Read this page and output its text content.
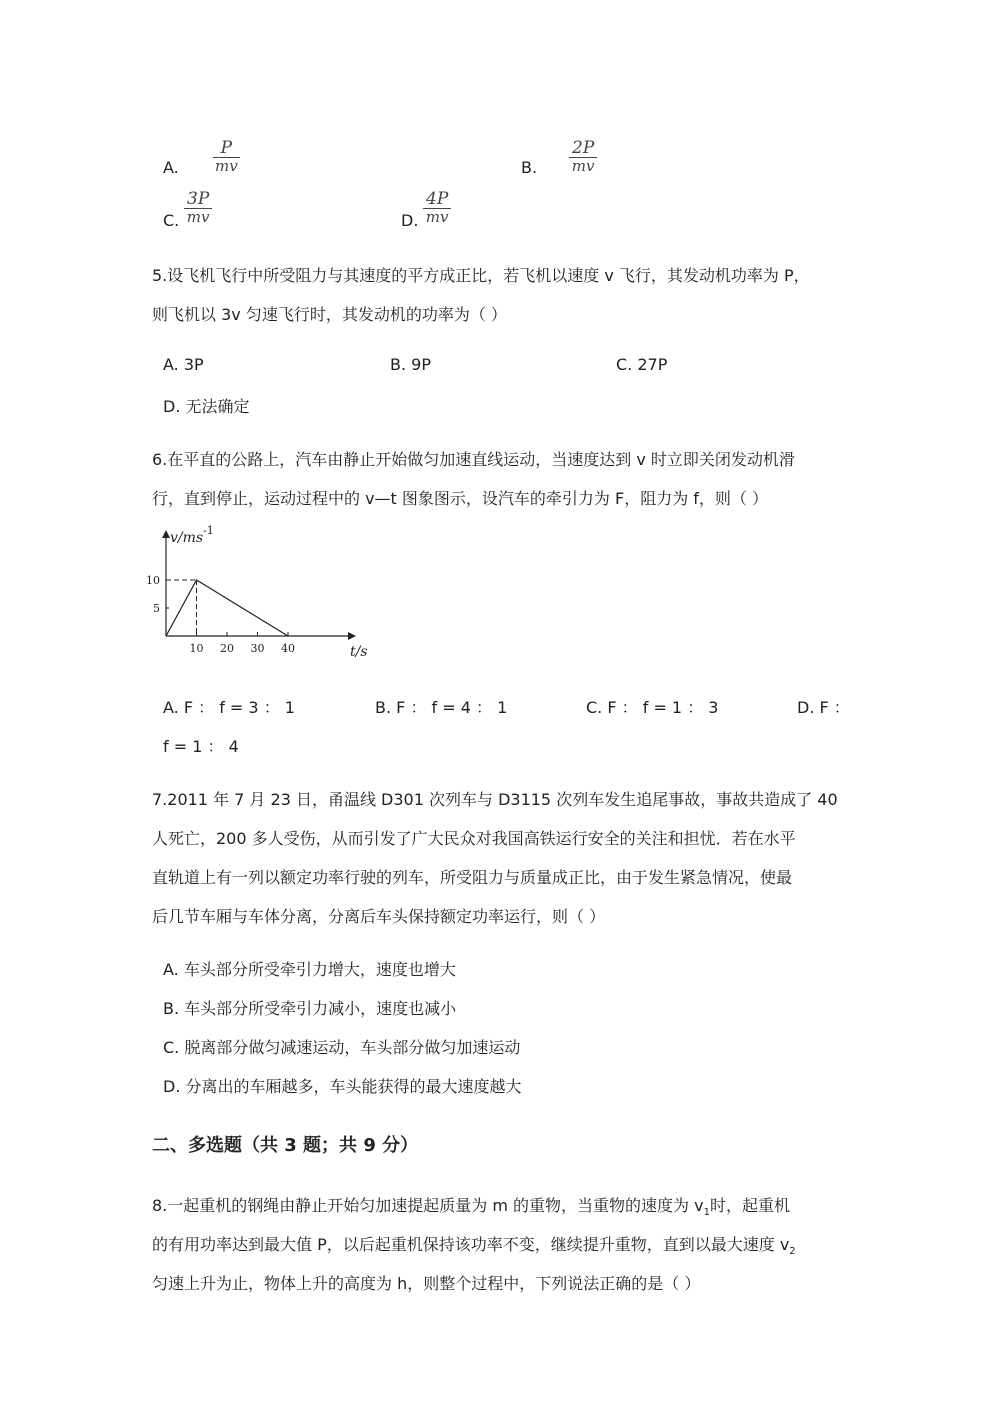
A.
P
mv	B.
2P
mv
C.
3P
mv	D.
4P
mv
5.设飞机飞行中所受阻力与其速度的平方成正比，若飞机以速度 v 飞行，其发动机功率为 P，
则飞机以 3v 匀速飞行时，其发动机的功率为（ ）
A. 3P	B. 9P	C. 27P
D. 无法确定
6.在平直的公路上，汽车由静止开始做匀加速直线运动，当速度达到 v 时立即关闭发动机滑
行，直到停止，运动过程中的 v—t 图象图示，设汽车的牵引力为 F，阻力为 f，则（ ）
v/ms -1
t/s
10 20 30 40
5
10
A. F ： f = 3 ： 1	B. F ： f = 4 ： 1	C. F ： f = 1 ： 3	D. F ：
f = 1 ： 4
7.2011 年 7 月 23 日，甬温线 D301 次列车与 D3115 次列车发生追尾事故，事故共造成了 40
人死亡，200 多人受伤，从而引发了广大民众对我国高铁运行安全的关注和担忧．若在水平
直轨道上有一列以额定功率行驶的列车，所受阻力与质量成正比，由于发生紧急情况，使最
后几节车厢与车体分离，分离后车头保持额定功率运行，则（ ）
A. 车头部分所受牵引力增大，速度也增大
B. 车头部分所受牵引力减小，速度也减小
C. 脱离部分做匀减速运动，车头部分做匀加速运动
D. 分离出的车厢越多，车头能获得的最大速度越大
二、多选题（共 3 题；共 9 分）
8.一起重机的钢绳由静止开始匀加速提起质量为 m 的重物，当重物的速度为 $v_1$时，起重机
的有用功率达到最大值 P，以后起重机保持该功率不变，继续提升重物，直到以最大速度 $v_2$
匀速上升为止，物体上升的高度为 h，则整个过程中，下列说法正确的是（ ）
